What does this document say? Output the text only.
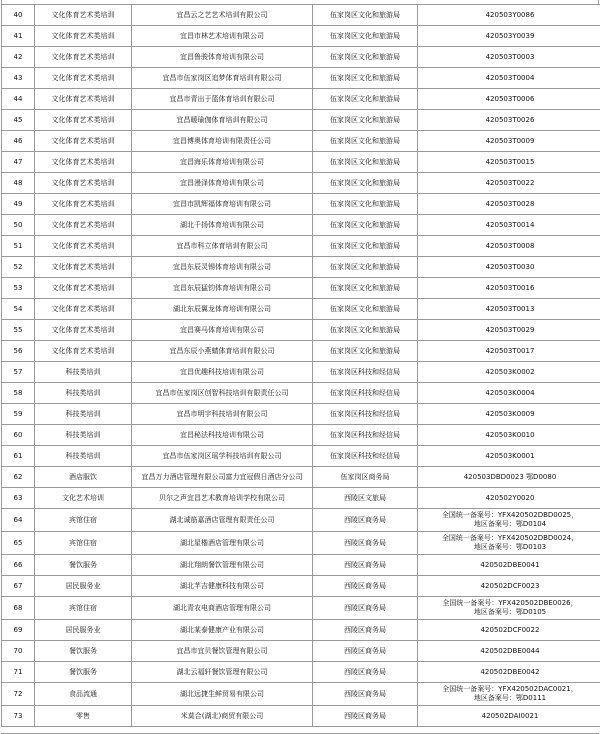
40	文化体育艺术类培训	宜昌云之艺艺术培训有限公司	伍家岗区文化和旅游局	420503Y0086

41	文化体育艺术类培训	宜昌市林艺术培训有限公司	伍家岗区文化和旅游局	420503Y0039

42	文化体育艺术类培训	宜昌鲁骏体育培训有限公司	伍家岗区文化和旅游局	420503T0003

43	文化体育艺术类培训	宜昌市伍家岗区追梦体育培训有限公司	伍家岗区文化和旅游局	420503T0004

44	文化体育艺术类培训	宜昌市青出于篮体育培训有限公司	伍家岗区文化和旅游局	420503T0006

45	文化体育艺术类培训	宜昌暖瑜伽体育培训有限公司	伍家岗区文化和旅游局	420503T0026

46	文化体育艺术类培训	宜昌博奥体育培训有限责任公司	伍家岗区文化和旅游局	420503T0009

47	文化体育艺术类培训	宜昌海乐体育培训有限公司	伍家岗区文化和旅游局	420503T0015

48	文化体育艺术类培训	宜昌漫泽体育培训有限公司	伍家岗区文化和旅游局	420503T0022

49	文化体育艺术类培训	宜昌市凯辉福体育培训有限公司	伍家岗区文化和旅游局	420503T0028

50	文化体育艺术类培训	湖北千扬体育培训有限公司	伍家岗区文化和旅游局	420503T0014

51	文化体育艺术类培训	宜昌市科立体育培训有限公司	伍家岗区文化和旅游局	420503T0008

52	文化体育艺术类培训	宜昌东辰灵锡体育培训有限公司	伍家岗区文化和旅游局	420503T0030

53	文化体育艺术类培训	宜昌东辰猛钧体育培训有限公司	伍家岗区文化和旅游局	420503T0016

54	文化体育艺术类培训	湖北东辰翼龙体育培训有限公司	伍家岗区文化和旅游局	420503T0013

55	文化体育艺术类培训	宜昌赛马体育培训有限公司	伍家岗区文化和旅游局	420503T0029

56	文化体育艺术类培训	宜昌东辰小燕蜻体育培训有限公司	伍家岗区文化和旅游局	420503T0017

57	科技类培训	宜昌优趣科技培训有限公司	伍家岗区科技和经信局	420503K0002

58	科技类培训	宜昌市伍家岗区创智科技培训有限责任公司	伍家岗区科技和经信局	420503K0004

59	科技类培训	宜昌市明宇科技培训有限公司	伍家岗区科技和经信局	420503K0009

60	科技类培训	宜昌秘法科技培训有限公司	伍家岗区科技和经信局	420503K0010

61	科技类培训	宜昌市伍家岗区瑶学科技培训有限公司	伍家岗区科技和经信局	420503K0001

62	酒店服饮	宜昌万力酒店管理有限公司富力宜冠假日酒店分公司	伍家岗区商务局	420503DBD0023 鄂D0080

63	文化艺术培训	贝尔之声宜昌艺术教育培训学校有限公司	西陵区文旅局	420502Y0020

64	宾馆住宿	湖北诚筋嘉酒店管理有限责任公司	西陵区商务局	全国统一备案号：YFX420502DBD0025，
地区备案号：鄂D0104

65	宾馆住宿	湖北星楷酒店管理有限公司	西陵区商务局	全国统一备案号：YFX420502DBD0024，
地区备案号：鄂D0103

66	餐饮服务	湖北翔朗餐饮管理有限公司	西陵区商务局	420502DBE0041

67	居民服务业	湖北芊吉健康科技有限公司	西陵区商务局	420502DCF0023

68	宾馆住宿	湖北青农电商酒店管理有限公司	西陵区商务局	全国统一备案号：YFX420502DBE0026，
地区备案号：鄂D0105

69	居民服务业	湖北某泰健康产业有限公司	西陵区商务局	420502DCF0022

70	餐饮服务	宜昌市宜贝餐饮管理有限公司	西陵区商务局	420502DBE0044

71	餐饮服务	湖北云福轩餐饮管理有限公司	西陵区商务局	420502DBE0042

72	食品流通	湖北远捷生鲜贸易有限公司	西陵区商务局	全国统一备案号：YFX420502DAC0021，
地区备案号：鄂D0111

73	零售	米莫合(湖北)商贸有限公司	西陵区商务局	420502DAI0021
